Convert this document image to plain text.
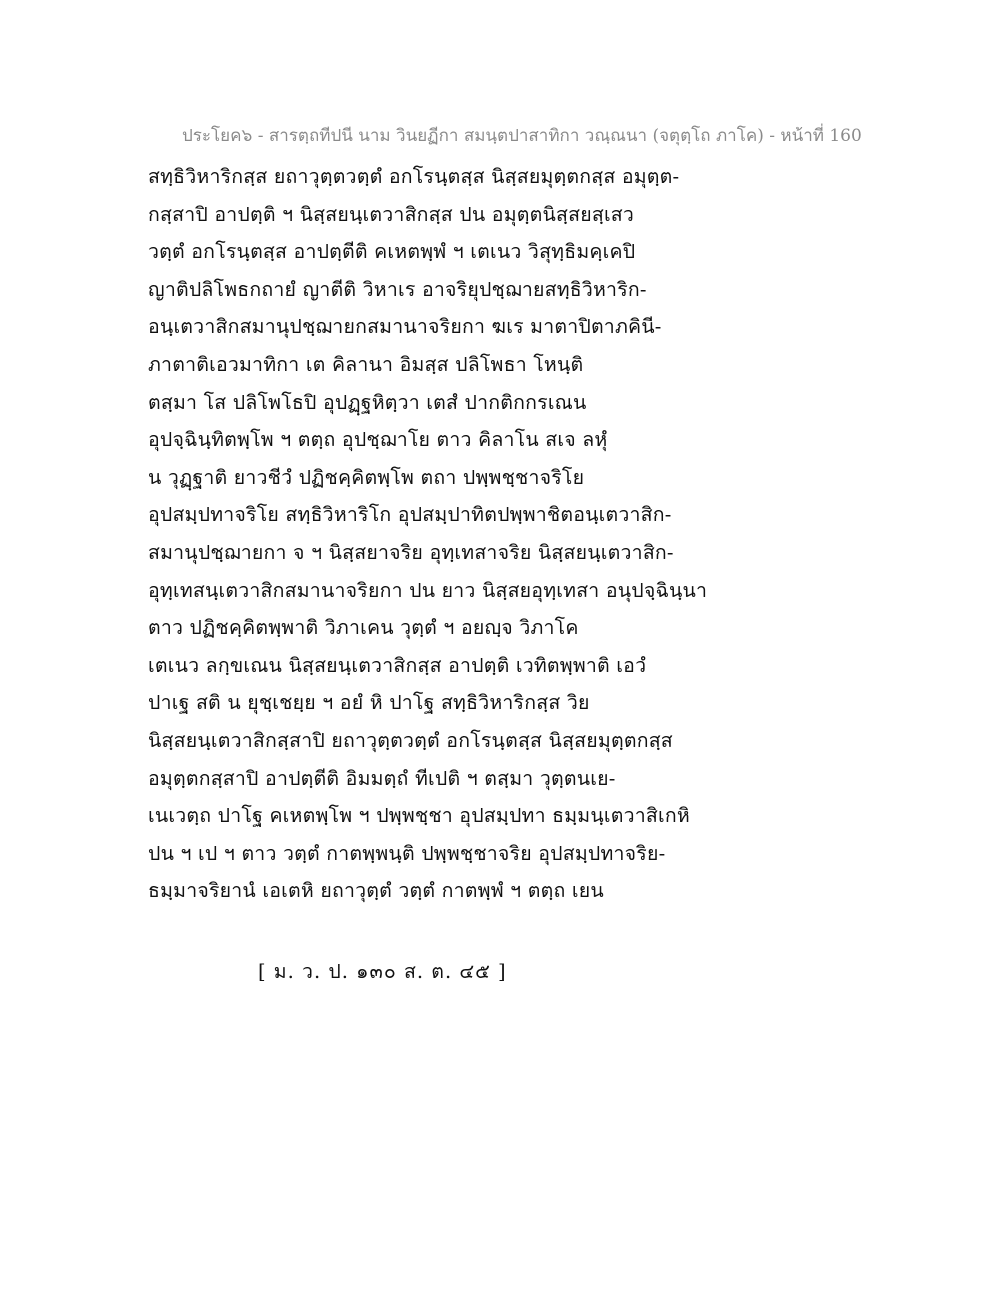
ประโยค๖ - สารตฺถทีปนี นาม วินยฏีกา สมนฺตปาสาทิกา วณฺณนา (จตุตฺโถ ภาโค) - หน้าที่ 160
สทฺธิวิหาริกสฺส ยถาวุตฺตวตฺตํ อกโรนฺตสฺส นิสฺสยมุตฺตกสฺส อมุตฺต-
กสฺสาปิ อาปตฺติ ฯ นิสฺสยนฺเตวาสิกสฺส ปน อมุตฺตนิสฺสยสฺเสว
วตฺตํ อกโรนฺตสฺส อาปตฺตีติ คเหตพฺพํ ฯ เตเนว วิสุทฺธิมคฺเคปิ
ญาติปลิโพธกถายํ ญาตีติ วิหาเร อาจริยุปชฺฌายสทฺธิวิหาริก-
อนฺเตวาสิกสมานุปชฺฌายกสมานาจริยกา ฆเร มาตาปิตาภคินี-
ภาตาติเอวมาทิกา เต คิลานา อิมสฺส ปลิโพธา โหนฺติ
ตสฺมา โส ปลิโพโธปิ อุปฏฺฐหิตฺวา เตสํ ปากติกกรเณน
อุปจฺฉินฺทิตพฺโพ ฯ ตตฺถ อุปชฺฌาโย ตาว คิลาโน สเจ ลหุํ
น วุฏฺฐาติ ยาวชีวํ ปฏิชคฺคิตพฺโพ ตถา ปพฺพชฺชาจริโย
อุปสมฺปทาจริโย สทฺธิวิหาริโก อุปสมฺปาทิตปพฺพาชิตอนฺเตวาสิก-
สมานุปชฺฌายกา จ ฯ นิสฺสยาจริย อุทฺเทสาจริย นิสฺสยนฺเตวาสิก-
อุทฺเทสนฺเตวาสิกสมานาจริยกา ปน ยาว นิสฺสยอุทฺเทสา อนุปจฺฉินฺนา
ตาว ปฏิชคฺคิตพฺพาติ วิภาเคน วุตฺตํ ฯ อยญฺจ วิภาโค
เตเนว ลกฺขเณน นิสฺสยนฺเตวาสิกสฺส อาปตฺติ เวทิตพฺพาติ เอวํ
ปาเฐ สติ น ยุชฺเชยฺย ฯ อยํ หิ ปาโฐ สทฺธิวิหาริกสฺส วิย
นิสฺสยนฺเตวาสิกสฺสาปิ ยถาวุตฺตวตฺตํ อกโรนฺตสฺส นิสฺสยมุตฺตกสฺส
อมุตฺตกสฺสาปิ อาปตฺตีติ อิมมตฺถํ ทีเปติ ฯ ตสฺมา วุตฺตนเย-
เนเวตฺถ ปาโฐ คเหตพฺโพ ฯ ปพฺพชฺชา อุปสมฺปทา ธมฺมนฺเตวาสิเกหิ
ปน ฯ เป ฯ ตาว วตฺตํ กาตพฺพนฺติ ปพฺพชฺชาจริย อุปสมฺปทาจริย-
ธมฺมาจริยานํ เอเตหิ ยถาวุตฺตํ วตฺตํ กาตพฺพํ ฯ ตตฺถ เยน
[ ม. ว. ป. ๑๓๐ ส. ต. ๔๕ ]
